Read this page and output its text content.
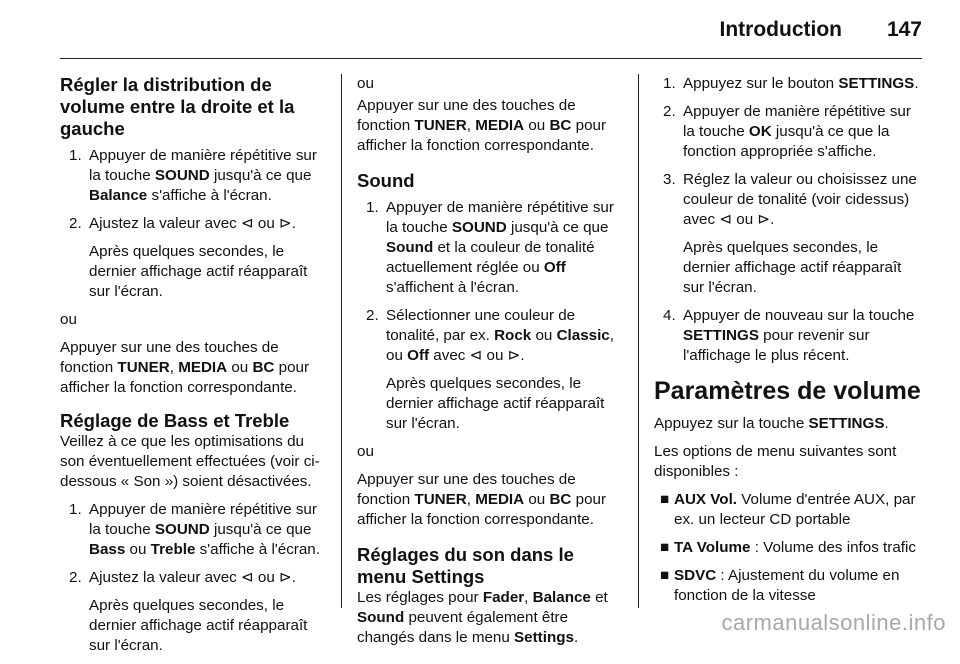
Introduction 147
Régler la distribution de volume entre la droite et la gauche
1. Appuyer de manière répétitive sur la touche SOUND jusqu'à ce que Balance s'affiche à l'écran.
2. Ajustez la valeur avec ⊲ ou ⊳.
Après quelques secondes, le dernier affichage actif réapparaît sur l'écran.

ou

Appuyer sur une des touches de fonction TUNER, MEDIA ou BC pour afficher la fonction correspondante.

Réglage de Bass et Treble

Veillez à ce que les optimisations du son éventuellement effectuées (voir ci-dessous « Son ») soient désactivées.

1. Appuyer de manière répétitive sur la touche SOUND jusqu'à ce que Bass ou Treble s'affiche à l'écran.
2. Ajustez la valeur avec ⊲ ou ⊳.
Après quelques secondes, le dernier affichage actif réapparaît sur l'écran.

ou

Appuyer sur une des touches de fonction TUNER, MEDIA ou BC pour afficher la fonction correspondante.

Sound
1. Appuyer de manière répétitive sur la touche SOUND jusqu'à ce que Sound et la couleur de tonalité actuellement réglée ou Off s'affichent à l'écran.
2. Sélectionner une couleur de tonalité, par ex. Rock ou Classic, ou Off avec ⊲ ou ⊳.
Après quelques secondes, le dernier affichage actif réapparaît sur l'écran.

ou

Appuyer sur une des touches de fonction TUNER, MEDIA ou BC pour afficher la fonction correspondante.

Réglages du son dans le menu Settings

Les réglages pour Fader, Balance et Sound peuvent également être changés dans le menu Settings.

1. Appuyez sur le bouton SETTINGS.
2. Appuyer de manière répétitive sur la touche OK jusqu'à ce que la fonction appropriée s'affiche.
3. Réglez la valeur ou choisissez une couleur de tonalité (voir cidessus) avec ⊲ ou ⊳.
Après quelques secondes, le dernier affichage actif réapparaît sur l'écran.
4. Appuyer de nouveau sur la touche SETTINGS pour revenir sur l'affichage le plus récent.
Paramètres de volume

Appuyez sur la touche SETTINGS.

Les options de menu suivantes sont disponibles :

■ AUX Vol. Volume d'entrée AUX, par ex. un lecteur CD portable
■ TA Volume : Volume des infos trafic
■ SDVC : Ajustement du volume en fonction de la vitesse
carmanualsonline.info
